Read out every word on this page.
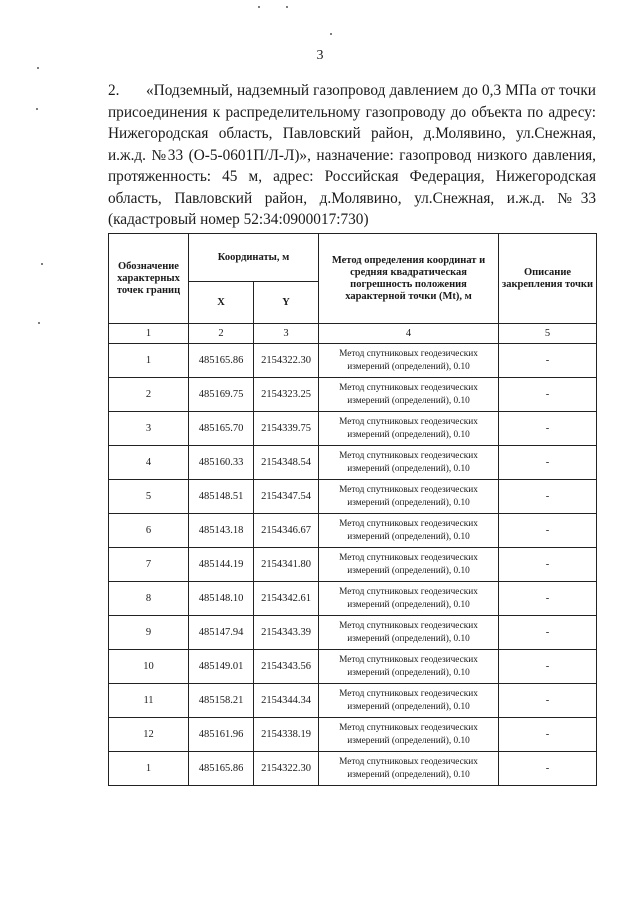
3
2. «Подземный, надземный газопровод давлением до 0,3 МПа от точки присоединения к распределительному газопроводу до объекта по адресу: Нижегородская область, Павловский район, д.Молявино, ул.Снежная, и.ж.д. №33 (О-5-0601П/Л-Л)», назначение: газопровод низкого давления, протяженность: 45 м, адрес: Российская Федерация, Нижегородская область, Павловский район, д.Молявино, ул.Снежная, и.ж.д. №33 (кадастровый номер 52:34:0900017:730)
Обозначение характерных точек границ	Координаты, м		Метод определения координат и средняя квадратическая погрешность положения характерной точки (Mt), м	Описание закрепления точки
	X	Y		
1	2	3	4	5
1	485165.86	2154322.30	Метод спутниковых геодезических измерений (определений), 0.10	-
2	485169.75	2154323.25	Метод спутниковых геодезических измерений (определений), 0.10	-
3	485165.70	2154339.75	Метод спутниковых геодезических измерений (определений), 0.10	-
4	485160.33	2154348.54	Метод спутниковых геодезических измерений (определений), 0.10	-
5	485148.51	2154347.54	Метод спутниковых геодезических измерений (определений), 0.10	-
6	485143.18	2154346.67	Метод спутниковых геодезических измерений (определений), 0.10	-
7	485144.19	2154341.80	Метод спутниковых геодезических измерений (определений), 0.10	-
8	485148.10	2154342.61	Метод спутниковых геодезических измерений (определений), 0.10	-
9	485147.94	2154343.39	Метод спутниковых геодезических измерений (определений), 0.10	-
10	485149.01	2154343.56	Метод спутниковых геодезических измерений (определений), 0.10	-
11	485158.21	2154344.34	Метод спутниковых геодезических измерений (определений), 0.10	-
12	485161.96	2154338.19	Метод спутниковых геодезических измерений (определений), 0.10	-
1	485165.86	2154322.30	Метод спутниковых геодезических измерений (определений), 0.10	-
